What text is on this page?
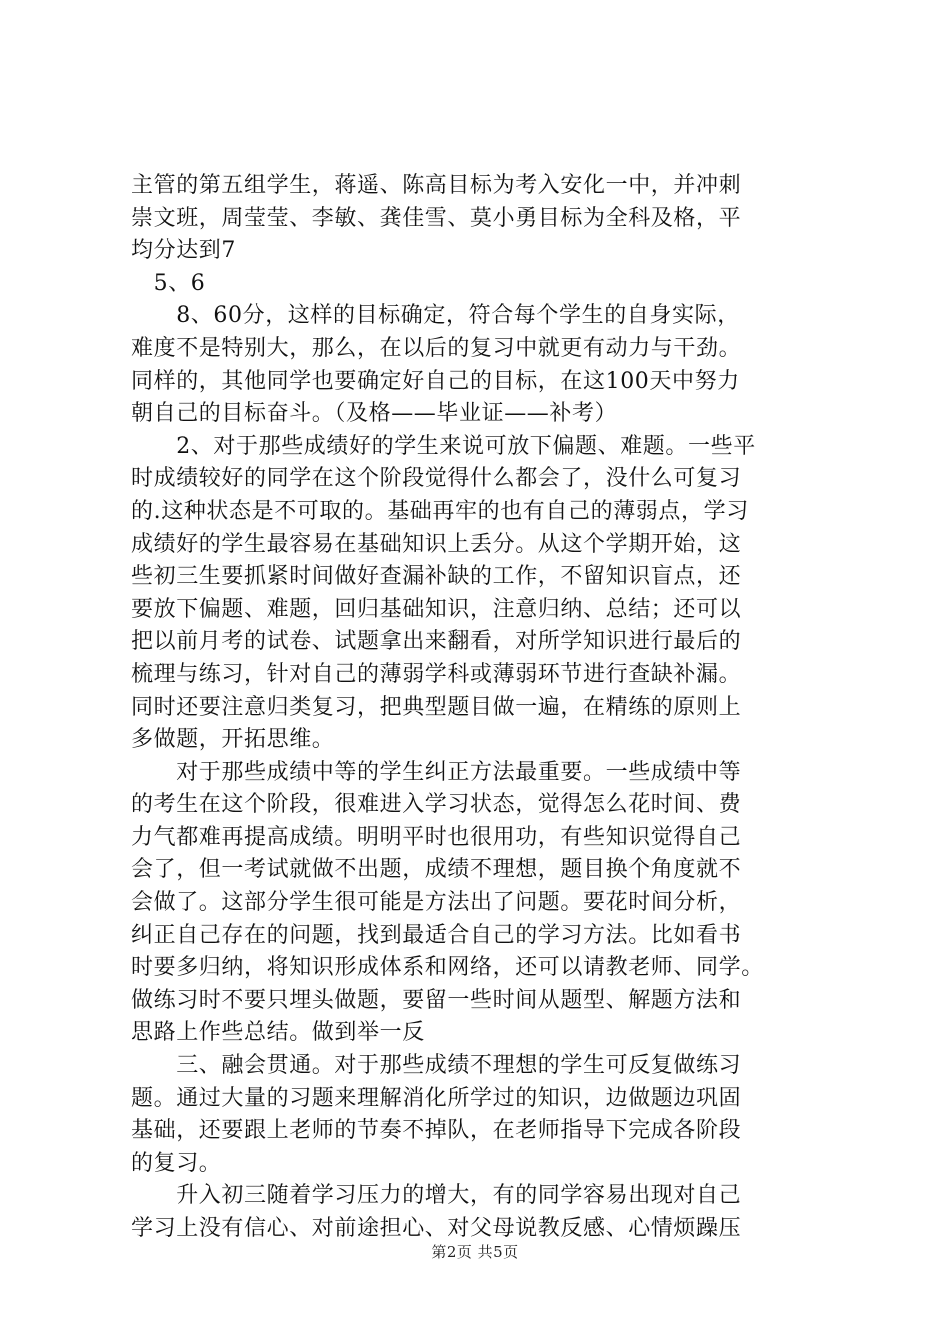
主管的第五组学生，蒋遥、陈高目标为考入安化一中，并冲刺
崇文班，周莹莹、李敏、龚佳雪、莫小勇目标为全科及格，平
均分达到7
　5、6
　　8、60分，这样的目标确定，符合每个学生的自身实际，
难度不是特别大，那么，在以后的复习中就更有动力与干劲。
同样的，其他同学也要确定好自己的目标，在这100天中努力
朝自己的目标奋斗。（及格——毕业证——补考）
　　2、对于那些成绩好的学生来说可放下偏题、难题。一些平
时成绩较好的同学在这个阶段觉得什么都会了，没什么可复习
的.这种状态是不可取的。基础再牢的也有自己的薄弱点，学习
成绩好的学生最容易在基础知识上丢分。从这个学期开始，这
些初三生要抓紧时间做好查漏补缺的工作，不留知识盲点，还
要放下偏题、难题，回归基础知识，注意归纳、总结；还可以
把以前月考的试卷、试题拿出来翻看，对所学知识进行最后的
梳理与练习，针对自己的薄弱学科或薄弱环节进行查缺补漏。
同时还要注意归类复习，把典型题目做一遍，在精练的原则上
多做题，开拓思维。
　　对于那些成绩中等的学生纠正方法最重要。一些成绩中等
的考生在这个阶段，很难进入学习状态，觉得怎么花时间、费
力气都难再提高成绩。明明平时也很用功，有些知识觉得自己
会了，但一考试就做不出题，成绩不理想，题目换个角度就不
会做了。这部分学生很可能是方法出了问题。要花时间分析，
纠正自己存在的问题，找到最适合自己的学习方法。比如看书
时要多归纳，将知识形成体系和网络，还可以请教老师、同学。
做练习时不要只埋头做题，要留一些时间从题型、解题方法和
思路上作些总结。做到举一反
　　三、融会贯通。对于那些成绩不理想的学生可反复做练习
题。通过大量的习题来理解消化所学过的知识，边做题边巩固
基础，还要跟上老师的节奏不掉队，在老师指导下完成各阶段
的复习。
　　升入初三随着学习压力的增大，有的同学容易出现对自己
学习上没有信心、对前途担心、对父母说教反感、心情烦躁压
第2页 共5页
